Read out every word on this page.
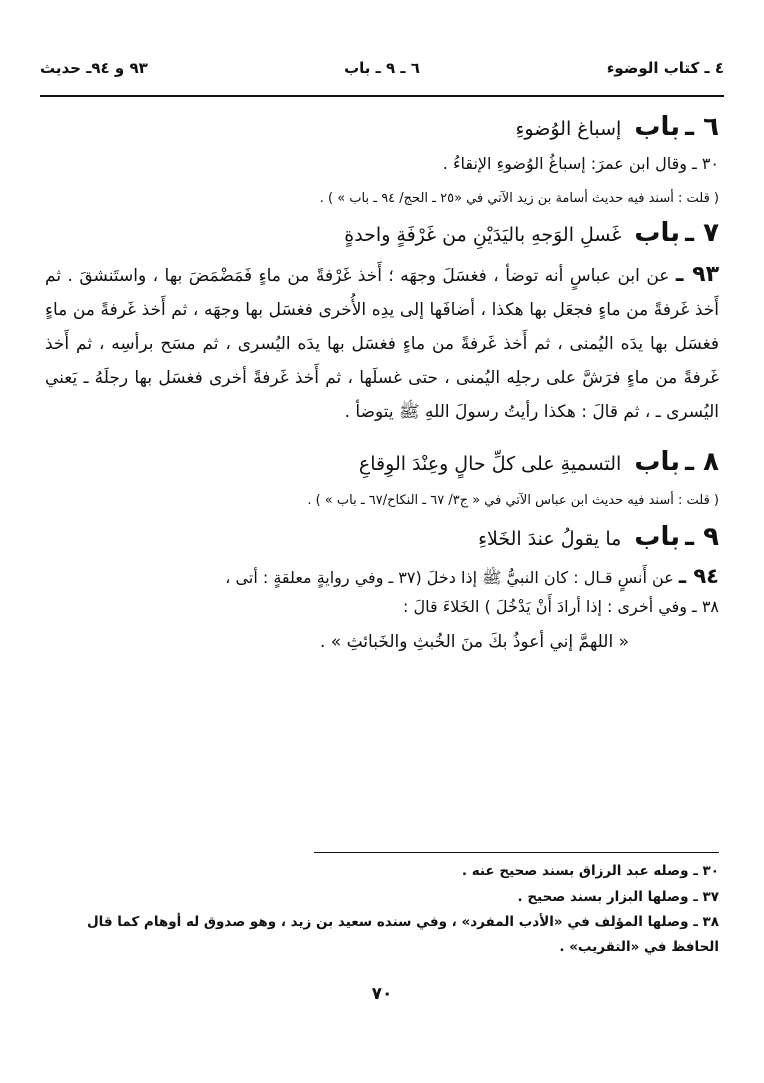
٤ ـ كتاب الوضوء
٦ ـ ٩ ـ باب
٩٣ و ٩٤ـ حديث

٦ ـ باب إسباغ الوُضوءِ

٣٠ ـ وقال ابن عمرَ: إسباغُ الوُضوءِ الإنقاءُ .

( قلت : أسند فيه حديث أسامة بن زيد الآتي في «٢٥ ـ الحج/ ٩٤ ـ باب » ) .

٧ ـ باب غَسلِ الوَجهِ باليَدَيْنِ من غَرْفَةٍ واحدةٍ

٩٣ ـ عن ابن عباسٍ أنه توضأ ، فغسَلَ وجهَه ؛ أَخذ غَرْفةً من ماءٍ فَمَضْمَضَ بها ، واستَنشقَ . ثم أَخذ غَرفةً من ماءٍ فجعَل بها هكذا ، أضافَها إلى يدِه الأُخرى فغسَل بها وجهَه ، ثم أَخذ غَرفةً من ماءٍ فغسَل بها يدَه اليُمنى ، ثم أَخذ غَرفةً من ماءٍ فغسَل بها يدَه اليُسرى ، ثم مسَح برأسِه ، ثم أَخذ غَرفةً من ماءٍ فرَشَّ على رجلِه اليُمنى ، حتى غسلَها ، ثم أَخذ غَرفةً أخرى فغسَل بها رجلَهُ ـ يَعني اليُسرى ـ ، ثم قالَ : هكذا رأيتُ رسولَ اللهِ ﷺ يتوضأ .

٨ ـ باب التسميةِ على كلِّ حالٍ وعِنْدَ الوِقاعِ

( قلت : أسند فيه حديث ابن عباس الآتي في « ج٣/ ٦٧ ـ النكاح/٦٧ ـ باب » ) .

٩ ـ باب ما يقولُ عندَ الخَلاءِ

٩٤ ـ عن أَنسٍ قـال : كان النبيُّ ﷺ إذا دخلَ (٣٧ ـ وفي روايةٍ معلقةٍ : أتى ،

٣٨ ـ وفي أخرى : إذا أرادَ أَنْ يَدْخُلَ ) الخَلاءَ قالَ :

« اللهمَّ إني أعوذُ بكَ منَ الخُبثِ والخَبائثِ » .

٣٠ ـ وصله عبد الرزاق بسند صحيح عنه .

٣٧ ـ وصلها البزار بسند صحيح .

٣٨ ـ وصلها المؤلف في «الأدب المفرد» ، وفي سنده سعيد بن زيد ، وهو صدوق له أوهام كما قال الحافظ في «التقريب» .

٧٠
